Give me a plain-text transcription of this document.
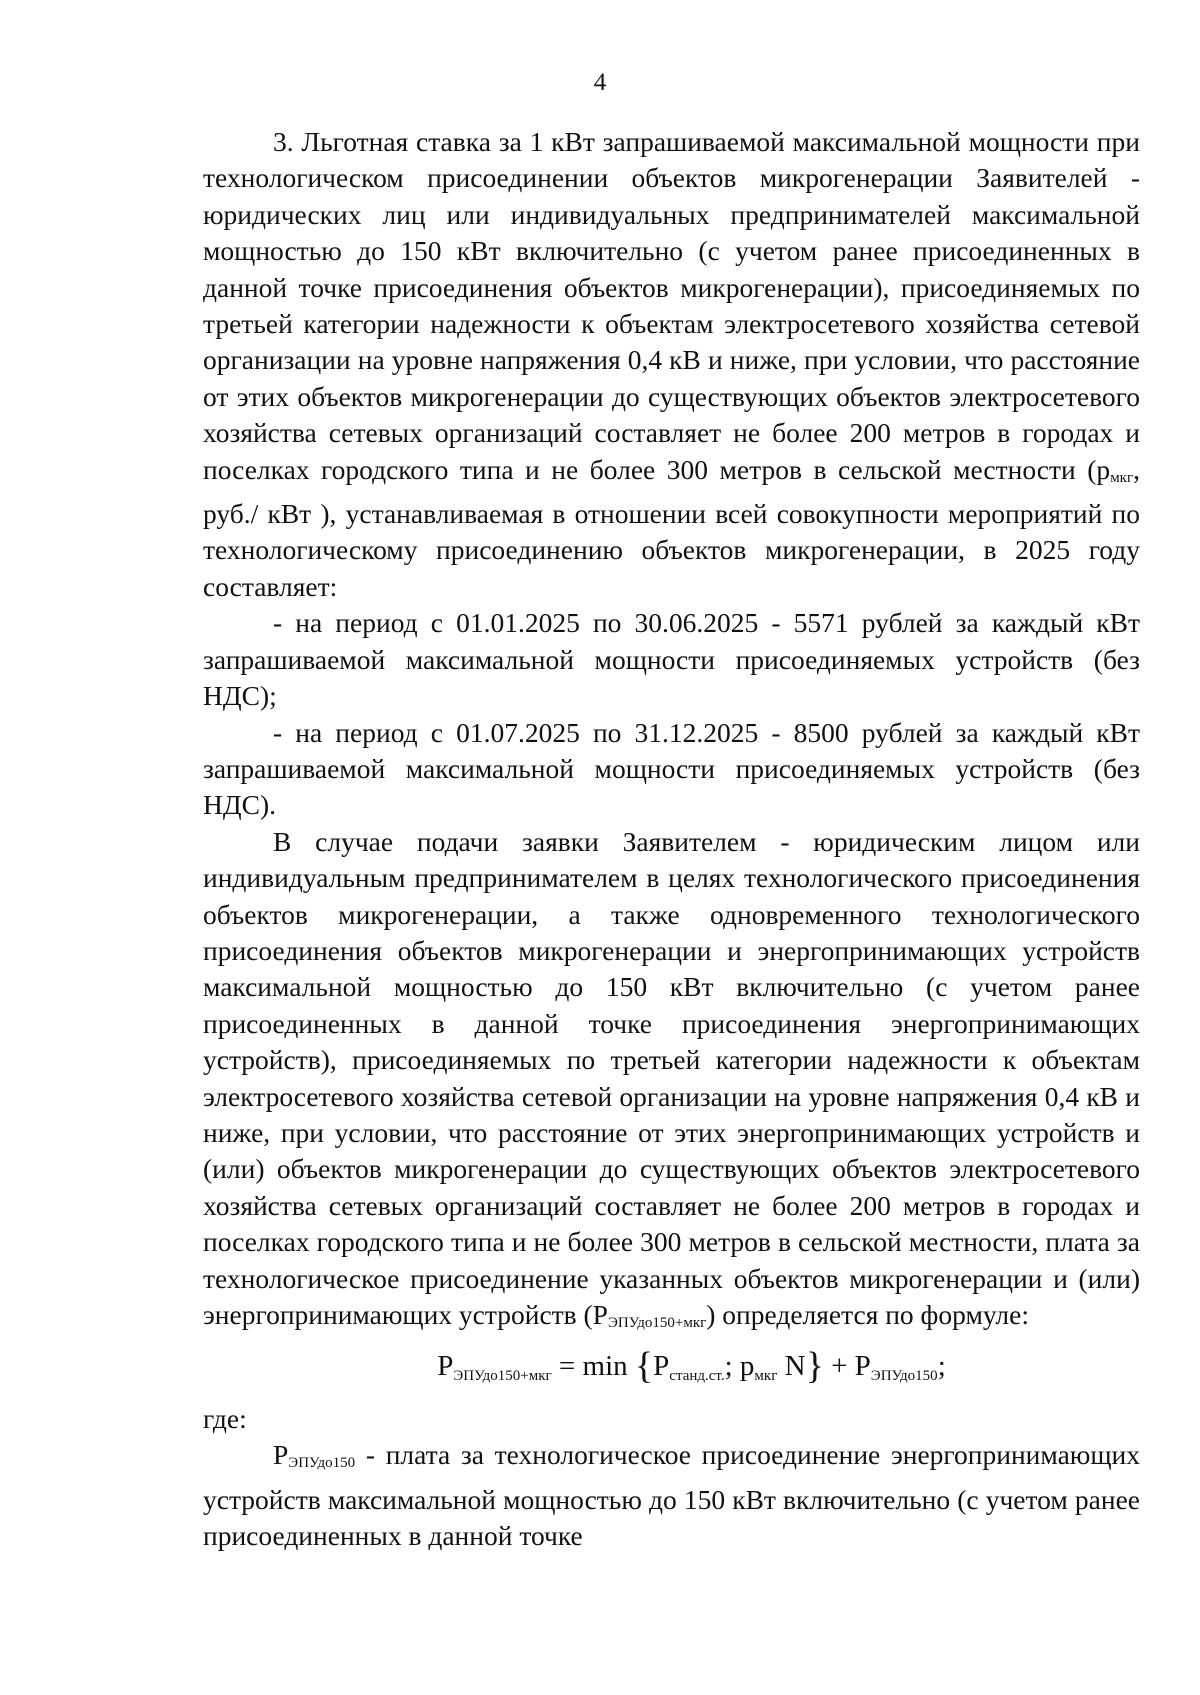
4

3. Льготная ставка за 1 кВт запрашиваемой максимальной мощности при технологическом присоединении объектов микрогенерации Заявителей - юридических лиц или индивидуальных предпринимателей максимальной мощностью до 150 кВт включительно (с учетом ранее присоединенных в данной точке присоединения объектов микрогенерации), присоединяемых по третьей категории надежности к объектам электросетевого хозяйства сетевой организации на уровне напряжения 0,4 кВ и ниже, при условии, что расстояние от этих объектов микрогенерации до существующих объектов электросетевого хозяйства сетевых организаций составляет не более 200 метров в городах и поселках городского типа и не более 300 метров в сельской местности ($р_{мкг}$, руб./ кВт ), устанавливаемая в отношении всей совокупности мероприятий по технологическому присоединению объектов микрогенерации, в 2025 году составляет:

- на период с 01.01.2025 по 30.06.2025 - 5571 рублей за каждый кВт запрашиваемой максимальной мощности присоединяемых устройств (без НДС);

- на период с 01.07.2025 по 31.12.2025 - 8500 рублей за каждый кВт запрашиваемой максимальной мощности присоединяемых устройств (без НДС).

В случае подачи заявки Заявителем - юридическим лицом или индивидуальным предпринимателем в целях технологического присоединения объектов микрогенерации, а также одновременного технологического присоединения объектов микрогенерации и энергопринимающих устройств максимальной мощностью до 150 кВт включительно (с учетом ранее присоединенных в данной точке присоединения энергопринимающих устройств), присоединяемых по третьей категории надежности к объектам электросетевого хозяйства сетевой организации на уровне напряжения 0,4 кВ и ниже, при условии, что расстояние от этих энергопринимающих устройств и (или) объектов микрогенерации до существующих объектов электросетевого хозяйства сетевых организаций составляет не более 200 метров в городах и поселках городского типа и не более 300 метров в сельской местности, плата за технологическое присоединение указанных объектов микрогенерации и (или) энергопринимающих устройств $(Р_{ЭПУдо150+мкг})$ определяется по формуле:

РЭПУдо150+мкг = min {Рстанд.ст.; рмкг N} + РЭПУдо150;

где:

$Р_{ЭПУдо150}$ - плата за технологическое присоединение энергопринимающих устройств максимальной мощностью до 150 кВт включительно (с учетом ранее присоединенных в данной точке
